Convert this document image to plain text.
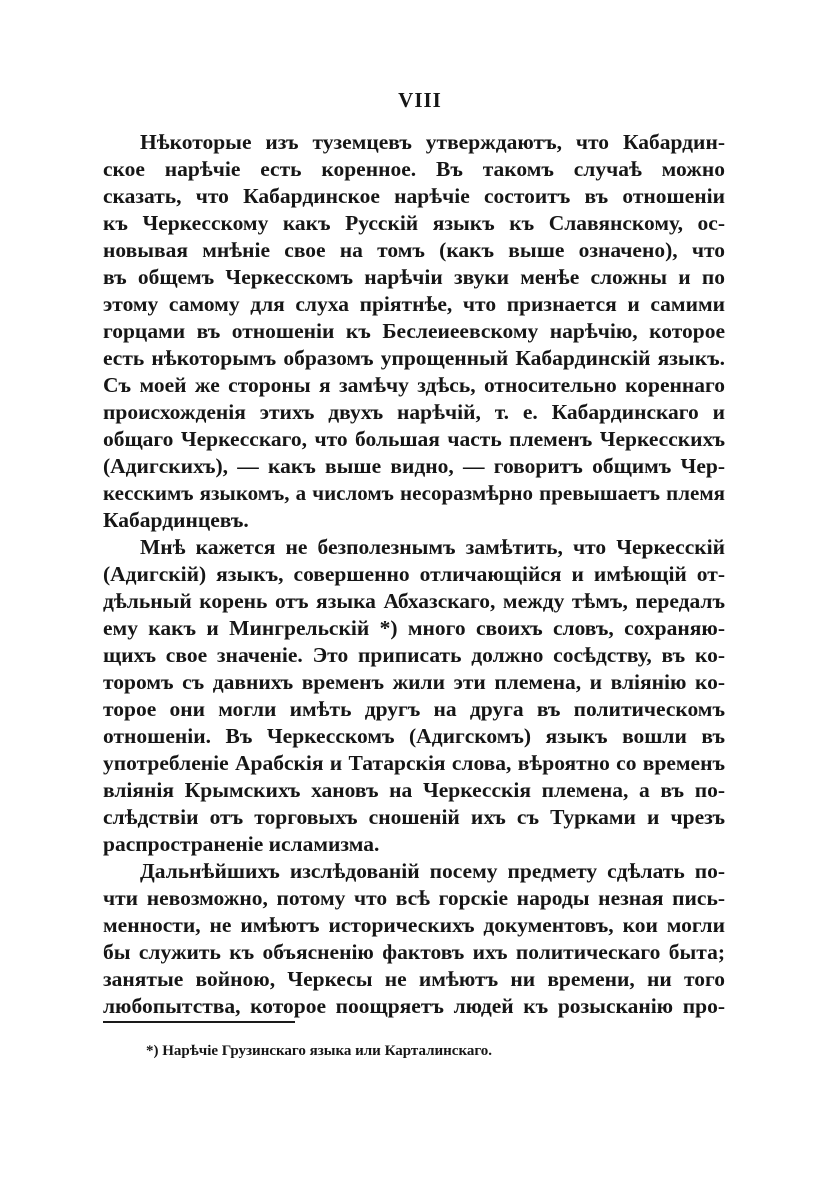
VIII
Нѣкоторые изъ туземцевъ утверждаютъ, что Кабардин-
ское нарѣчіе есть коренное. Въ такомъ случаѣ можно
сказать, что Кабардинское нарѣчіе состоитъ въ отношеніи
къ Черкесскому какъ Русскій языкъ къ Славянскому, ос-
новывая мнѣніе свое на томъ (какъ выше означено), что
въ общемъ Черкесскомъ нарѣчіи звуки менѣе сложны и по
этому самому для слуха пріятнѣе, что признается и самими
горцами въ отношеніи къ Беслеиеевскому нарѣчію, которое
есть нѣкоторымъ образомъ упрощенный Кабардинскій языкъ.
Съ моей же стороны я замѣчу здѣсь, относительно кореннаго
происхожденія этихъ двухъ нарѣчій, т. е. Кабардинскаго и
общаго Черкесскаго, что большая часть племенъ Черкесскихъ
(Адигскихъ), — какъ выше видно, — говоритъ общимъ Чер-
кесскимъ языкомъ, а числомъ несоразмѣрно превышаетъ племя
Кабардинцевъ.
Мнѣ кажется не безполезнымъ замѣтить, что Черкесскій
(Адигскій) языкъ, совершенно отличающійся и имѣющій от-
дѣльный корень отъ языка Абхазскаго, между тѣмъ, передалъ
ему какъ и Мингрельскій *) много своихъ словъ, сохраняю-
щихъ свое значеніе. Это приписать должно сосѣдству, въ ко-
торомъ съ давнихъ временъ жили эти племена, и вліянію ко-
торое они могли имѣть другъ на друга въ политическомъ
отношеніи. Въ Черкесскомъ (Адигскомъ) языкъ вошли въ
употребленіе Арабскія и Татарскія слова, вѣроятно со временъ
вліянія Крымскихъ хановъ на Черкесскія племена, а въ по-
слѣдствіи отъ торговыхъ сношеній ихъ съ Турками и чрезъ
распространеніе исламизма.
Дальнѣйшихъ изслѣдованій посему предмету сдѣлать по-
чти невозможно, потому что всѣ горскіе народы незная пись-
менности, не имѣютъ историческихъ документовъ, кои могли
бы служить къ объясненію фактовъ ихъ политическаго быта;
занятые войною, Черкесы не имѣютъ ни времени, ни того
любопытства, которое поощряетъ людей къ розысканію про-
*) Нарѣчіе Грузинскаго языка или Карталинскаго.
